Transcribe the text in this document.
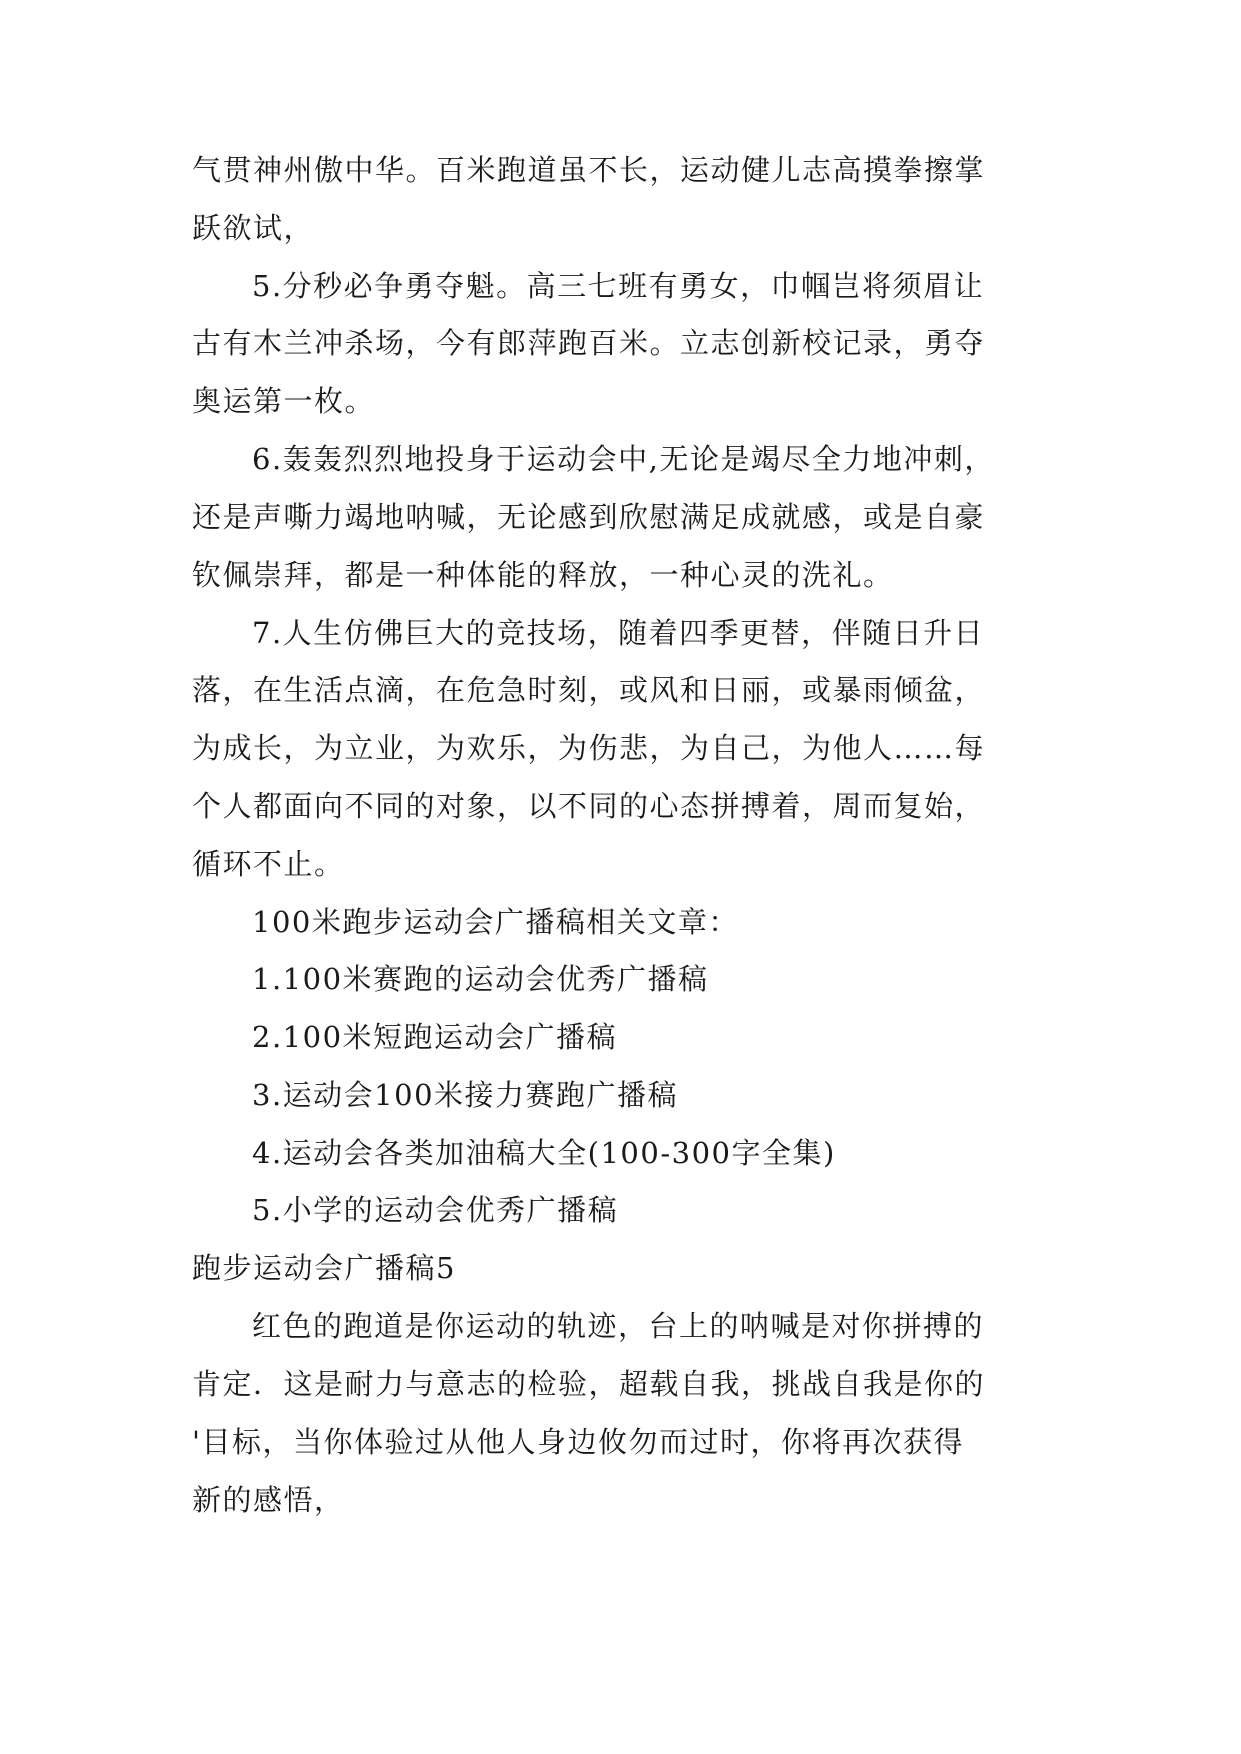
气贯神州傲中华。百米跑道虽不长，运动健儿志高摸拳擦掌
跃欲试，
5.分秒必争勇夺魁。高三七班有勇女，巾帼岂将须眉让
古有木兰冲杀场，今有郎萍跑百米。立志创新校记录，勇夺
奥运第一枚。
6.轰轰烈烈地投身于运动会中,无论是竭尽全力地冲刺，
还是声嘶力竭地呐喊，无论感到欣慰满足成就感，或是自豪
钦佩崇拜，都是一种体能的释放，一种心灵的洗礼。
7.人生仿佛巨大的竞技场，随着四季更替，伴随日升日
落，在生活点滴，在危急时刻，或风和日丽，或暴雨倾盆，
为成长，为立业，为欢乐，为伤悲，为自己，为他人……每
个人都面向不同的对象，以不同的心态拼搏着，周而复始，
循环不止。
100米跑步运动会广播稿相关文章：
1.100米赛跑的运动会优秀广播稿
2.100米短跑运动会广播稿
3.运动会100米接力赛跑广播稿
4.运动会各类加油稿大全(100-300字全集)
5.小学的运动会优秀广播稿
跑步运动会广播稿5
红色的跑道是你运动的轨迹，台上的呐喊是对你拼搏的
肯定．这是耐力与意志的检验，超载自我，挑战自我是你的
'目标，当你体验过从他人身边攸勿而过时，你将再次获得
新的感悟，
